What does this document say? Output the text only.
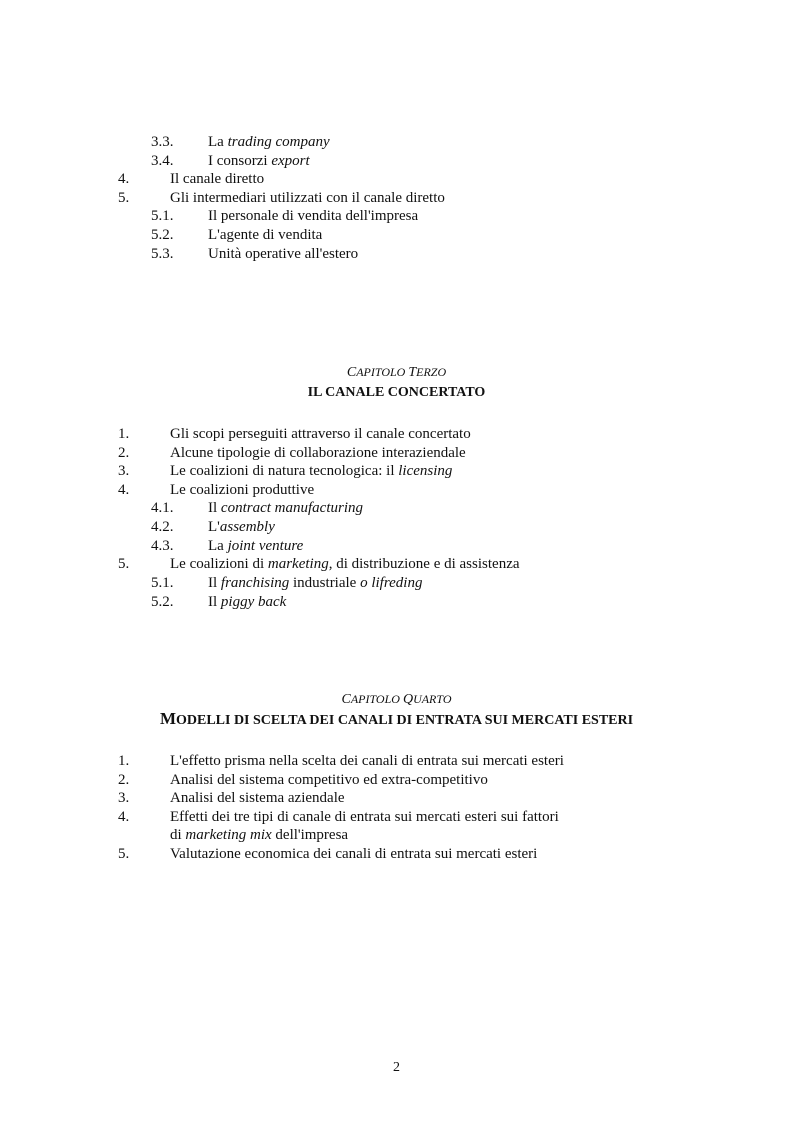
3.3. La trading company
3.4. I consorzi export
4.	Il canale diretto
5.	Gli intermediari utilizzati con il canale diretto
5.1. Il personale di vendita dell'impresa
5.2. L'agente di vendita
5.3. Unità operative all'estero
CAPITOLO TERZO
IL CANALE CONCERTATO
1.	Gli scopi perseguiti attraverso il canale concertato
2.	Alcune tipologie di collaborazione interaziendale
3.	Le coalizioni di natura tecnologica: il licensing
4.	Le coalizioni produttive
4.1. Il contract manufacturing
4.2. L'assembly
4.3. La joint venture
5.	Le coalizioni di marketing, di distribuzione e di assistenza
5.1. Il franchising industriale o lifreding
5.2. Il piggy back
CAPITOLO QUARTO
MODELLI DI SCELTA DEI CANALI DI ENTRATA SUI MERCATI ESTERI
1.	L'effetto prisma nella scelta dei canali di entrata sui mercati esteri
2.	Analisi del sistema competitivo ed extra-competitivo
3.	Analisi del sistema aziendale
4.	Effetti dei tre tipi di canale di entrata sui mercati esteri sui fattori
di marketing mix dell'impresa
5.	Valutazione economica dei canali di entrata sui mercati esteri
2
